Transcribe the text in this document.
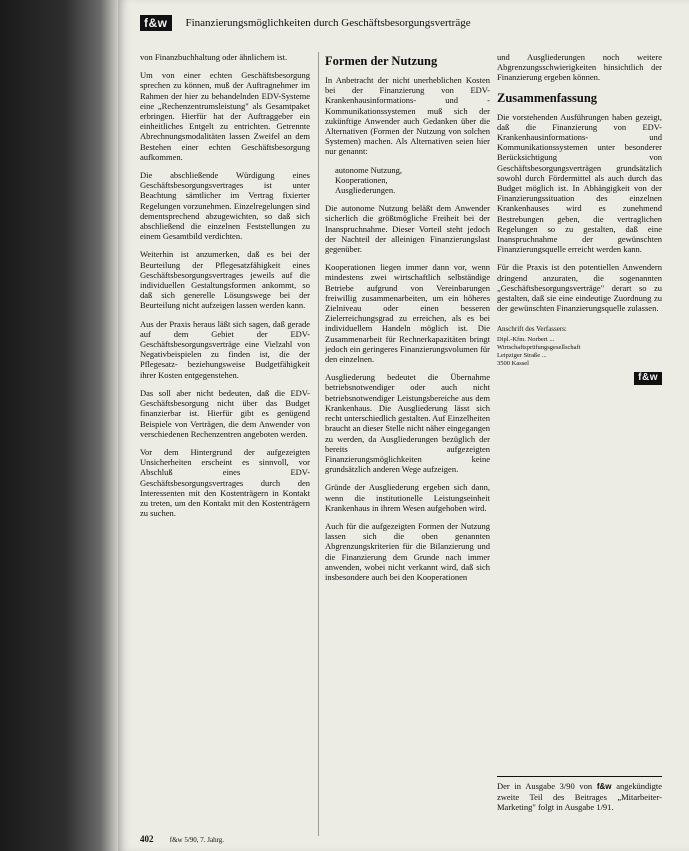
f&w Finanzierungsmöglichkeiten durch Geschäftsbesorgungsverträge

von Finanzbuchhaltung oder ähnlichem ist.

Um von einer echten Geschäftsbesorgung sprechen zu können, muß der Auftragnehmer im Rahmen der hier zu behandelnden EDV-Systeme eine „Rechenzentrumsleistung" als Gesamtpaket erbringen. Hierfür hat der Auftraggeber ein einheitliches Entgelt zu entrichten. Getrennte Abrechnungsmodalitäten lassen Zweifel an dem Bestehen einer echten Geschäftsbesorgung aufkommen.

Die abschließende Würdigung eines Geschäftsbesorgungsvertrages ist unter Beachtung sämtlicher im Vertrag fixierter Regelungen vorzunehmen. Einzelregelungen sind dementsprechend abzugewichten, so daß sich abschließend die einzelnen Feststellungen zu einem Gesamtbild verdichten.

Weiterhin ist anzumerken, daß es bei der Beurteilung der Pflegesatzfähigkeit eines Geschäftsbesorgungsvertrages jeweils auf die individuellen Gestaltungsformen ankommt, so daß sich generelle Lösungswege bei der Beurteilung nicht aufzeigen lassen werden kann.

Aus der Praxis heraus läßt sich sagen, daß gerade auf dem Gebiet der EDV-Geschäftsbesorgungsverträge eine Vielzahl von Negativbeispielen zu finden ist, die der Pflegesatz- beziehungsweise Budgetfähigkeit ihrer Kosten entgegenstehen.

Das soll aber nicht bedeuten, daß die EDV-Geschäftsbesorgung nicht über das Budget finanzierbar ist. Hierfür gibt es genügend Beispiele von Verträgen, die dem Anwender von verschiedenen Rechenzentren angeboten werden.

Vor dem Hintergrund der aufgezeigten Unsicherheiten erscheint es sinnvoll, vor Abschluß eines EDV-Geschäftsbesorgungsvertrages durch den Interessenten mit den Kostenträgern in Kontakt zu treten, um den Kontakt mit den Kostenträgern zu suchen.

Formen der Nutzung

In Anbetracht der nicht unerheblichen Kosten bei der Finanzierung von EDV-Krankenhausinformations- und -Kommunikationssystemen muß sich der zukünftige Anwender auch Gedanken über die Alternativen (Formen der Nutzung von solchen Systemen) machen. Als Alternativen seien hier nur genannt:

autonome Nutzung,
Kooperationen,
Ausgliederungen.

Die autonome Nutzung beläßt dem Anwender sicherlich die größtmögliche Freiheit bei der Inanspruchnahme. Dieser Vorteil steht jedoch der Nachteil der alleinigen Finanzierungslast gegenüber.

Kooperationen liegen immer dann vor, wenn mindestens zwei wirtschaftlich selbständige Betriebe aufgrund von Vereinbarungen freiwillig zusammenarbeiten, um ein höheres Zielniveau oder einen besseren Zielerreichungsgrad zu erreichen, als es bei individuellem Handeln möglich ist. Die Zusammenarbeit für Rechnerkapazitäten bringt jedoch ein geringeres Finanzierungsvolumen für den einzelnen.

Ausgliederung bedeutet die Übernahme betriebsnotwendiger oder auch nicht betriebsnotwendiger Leistungsbereiche aus dem Krankenhaus. Die Ausgliederung lässt sich recht unterschiedlich gestalten. Auf Einzelheiten braucht an dieser Stelle nicht näher eingegangen zu werden, da Ausgliederungen bezüglich der bereits aufgezeigten Finanzierungsmöglichkeiten keine grundsätzlich anderen Wege aufzeigen.

Gründe der Ausgliederung ergeben sich dann, wenn die institutionelle Leistungseinheit Krankenhaus in ihrem Wesen aufgehoben wird.

Auch für die aufgezeigten Formen der Nutzung lassen sich die oben genannten Abgrenzungskriterien für die Bilanzierung und die Finanzierung dem Grunde nach immer anwenden, wobei nicht verkannt wird, daß sich insbesondere auch bei den Kooperationen

und Ausgliederungen noch weitere Abgrenzungsschwierigkeiten hinsichtlich der Finanzierung ergeben können.

Zusammenfassung

Die vorstehenden Ausführungen haben gezeigt, daß die Finanzierung von EDV-Krankenhausinformations- und Kommunikationssystemen unter besonderer Berücksichtigung von Geschäftsbesorgungsverträgen grundsätzlich sowohl durch Fördermittel als auch durch das Budget möglich ist. In Abhängigkeit von der Finanzierungssituation des einzelnen Krankenhauses wird es zunehmend Bestrebungen geben, die vertraglichen Regelungen so zu gestalten, daß eine Inanspruchnahme der gewünschten Finanzierungsquelle erreicht werden kann.

Für die Praxis ist den potentiellen Anwendern dringend anzuraten, die sogenannten „Geschäftsbesorgungsverträge" derart so zu gestalten, daß sie eine eindeutige Zuordnung zu der gewünschten Finanzierungsquelle zulassen.

Anschrift des Verfassers:
Dipl.-Kfm. Norbert ...
Wirtschaftsprüfungsgesellschaft
Leipziger Straße ...
3500 Kassel
f&w
Der in Ausgabe 3/90 von f&w angekündigte zweite Teil des Beitrages „Mitarbeiter-Marketing" folgt in Ausgabe 1/91.
402 f&w 5/90, 7. Jahrg.
